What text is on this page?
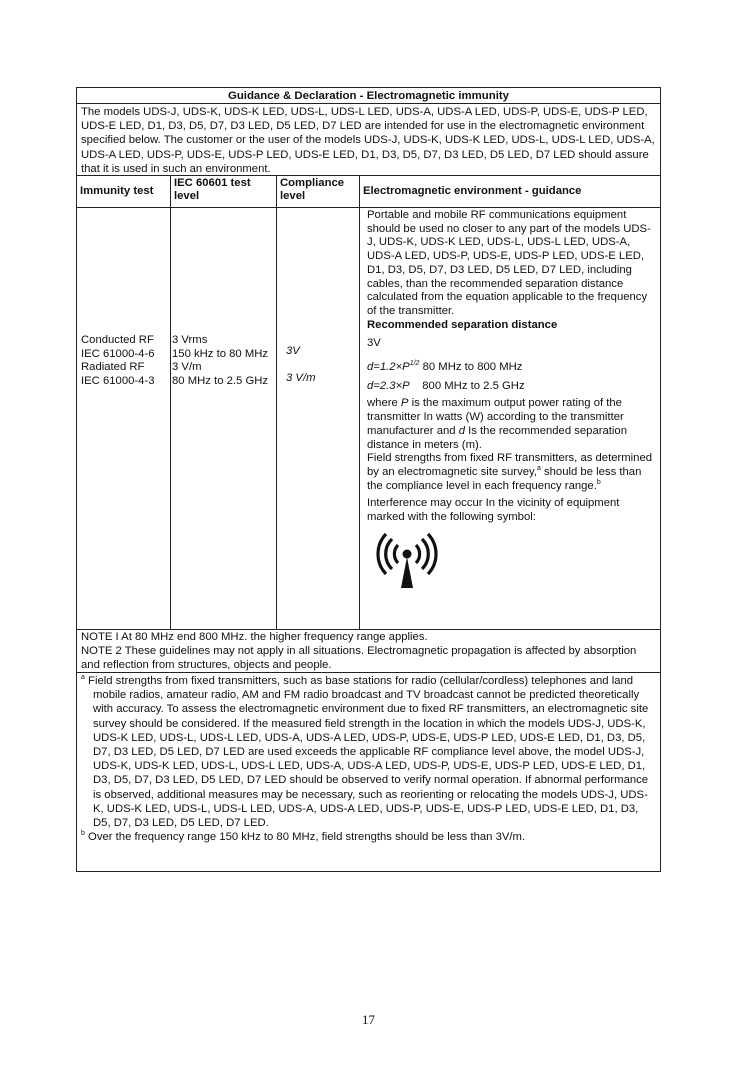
Guidance & Declaration - Electromagnetic immunity
The models UDS-J, UDS-K, UDS-K LED, UDS-L, UDS-L LED, UDS-A, UDS-A LED, UDS-P, UDS-E, UDS-P LED, UDS-E LED, D1, D3, D5, D7, D3 LED, D5 LED, D7 LED are intended for use in the electromagnetic environment specified below. The customer or the user of the models UDS-J, UDS-K, UDS-K LED, UDS-L, UDS-L LED, UDS-A, UDS-A LED, UDS-P, UDS-E, UDS-P LED, UDS-E LED, D1, D3, D5, D7, D3 LED, D5 LED, D7 LED should assure that it is used in such an environment.
Immunity test
IEC 60601 test level
Compliance level	Electromagnetic environment - guidance
Conducted RF
IEC 61000-4-6
Radiated RF
IEC 61000-4-3
3 Vrms
150 kHz to 80 MHz
3 V/m
80 MHz to 2.5 GHz
3V
3 V/m
Portable and mobile RF communications equipment should be used no closer to any part of the models UDS-J, UDS-K, UDS-K LED, UDS-L, UDS-L LED, UDS-A, UDS-A LED, UDS-P, UDS-E, UDS-P LED, UDS-E LED, D1, D3, D5, D7, D3 LED, D5 LED, D7 LED, including cables, than the recommended separation distance calculated from the equation applicable to the frequency of the transmitter.
Recommended separation distance
3V
$d=1.2\times P^{1/2}$ 80 MHz to 800 MHz
d=2.3×P    800 MHz to 2.5 GHz
where P is the maximum output power rating of the transmitter In watts (W) according to the transmitter manufacturer and d Is the recommended separation distance in meters (m).
Field strengths from fixed RF transmitters, as determined by an electromagnetic site survey,$^a$ should be less than the compliance level in each frequency range.$^b$
Interference may occur In the vicinity of equipment marked with the following symbol:
NOTE I At 80 MHz end 800 MHz. the higher frequency range applies.
NOTE 2 These guidelines may not apply in all situations. Electromagnetic propagation is affected by absorption and reflection from structures, objects and people.
$^a$ Field strengths from fixed transmitters, such as base stations for radio (cellular/cordless) telephones and land mobile radios, amateur radio, AM and FM radio broadcast and TV broadcast cannot be predicted theoretically with accuracy. To assess the electromagnetic environment due to fixed RF transmitters, an electromagnetic site survey should be considered. If the measured field strength in the location in which the models UDS-J, UDS-K, UDS-K LED, UDS-L, UDS-L LED, UDS-A, UDS-A LED, UDS-P, UDS-E, UDS-P LED, UDS-E LED, D1, D3, D5, D7, D3 LED, D5 LED, D7 LED are used exceeds the applicable RF compliance level above, the model UDS-J, UDS-K, UDS-K LED, UDS-L, UDS-L LED, UDS-A, UDS-A LED, UDS-P, UDS-E, UDS-P LED, UDS-E LED, D1, D3, D5, D7, D3 LED, D5 LED, D7 LED should be observed to verify normal operation. If abnormal performance is observed, additional measures may be necessary, such as reorienting or relocating the models UDS-J, UDS-K, UDS-K LED, UDS-L, UDS-L LED, UDS-A, UDS-A LED, UDS-P, UDS-E, UDS-P LED, UDS-E LED, D1, D3, D5, D7, D3 LED, D5 LED, D7 LED.
$^b$ Over the frequency range 150 kHz to 80 MHz, field strengths should be less than 3V/m.
17
